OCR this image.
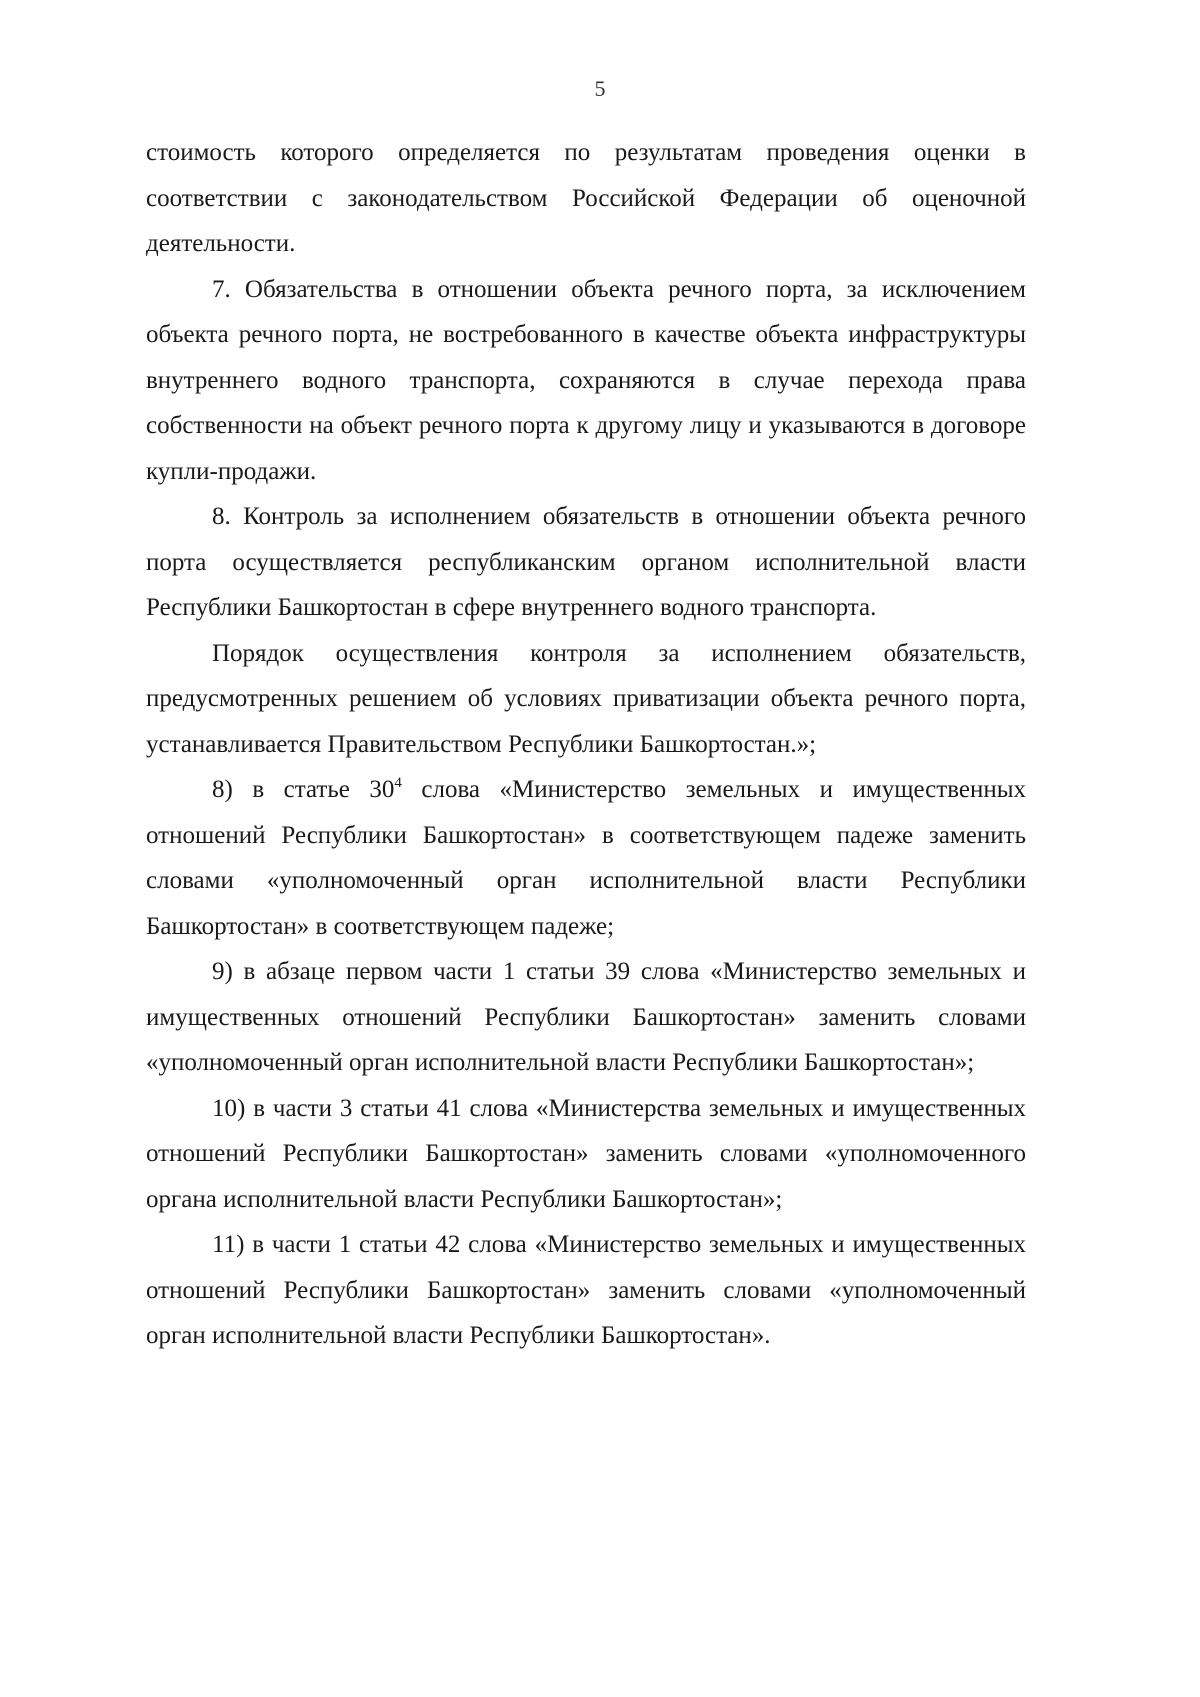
5

стоимость которого определяется по результатам проведения оценки в соответствии с законодательством Российской Федерации об оценочной деятельности.

7. Обязательства в отношении объекта речного порта, за исключением объекта речного порта, не востребованного в качестве объекта инфраструктуры внутреннего водного транспорта, сохраняются в случае перехода права собственности на объект речного порта к другому лицу и указываются в договоре купли-продажи.

8. Контроль за исполнением обязательств в отношении объекта речного порта осуществляется республиканским органом исполнительной власти Республики Башкортостан в сфере внутреннего водного транспорта.

Порядок осуществления контроля за исполнением обязательств, предусмотренных решением об условиях приватизации объекта речного порта, устанавливается Правительством Республики Башкортостан.»;

8) в статье $30^4$ слова «Министерство земельных и имущественных отношений Республики Башкортостан» в соответствующем падеже заменить словами «уполномоченный орган исполнительной власти Республики Башкортостан» в соответствующем падеже;

9) в абзаце первом части 1 статьи 39 слова «Министерство земельных и имущественных отношений Республики Башкортостан» заменить словами «уполномоченный орган исполнительной власти Республики Башкортостан»;

10) в части 3 статьи 41 слова «Министерства земельных и имущественных отношений Республики Башкортостан» заменить словами «уполномоченного органа исполнительной власти Республики Башкортостан»;

11) в части 1 статьи 42 слова «Министерство земельных и имущественных отношений Республики Башкортостан» заменить словами «уполномоченный орган исполнительной власти Республики Башкортостан».
